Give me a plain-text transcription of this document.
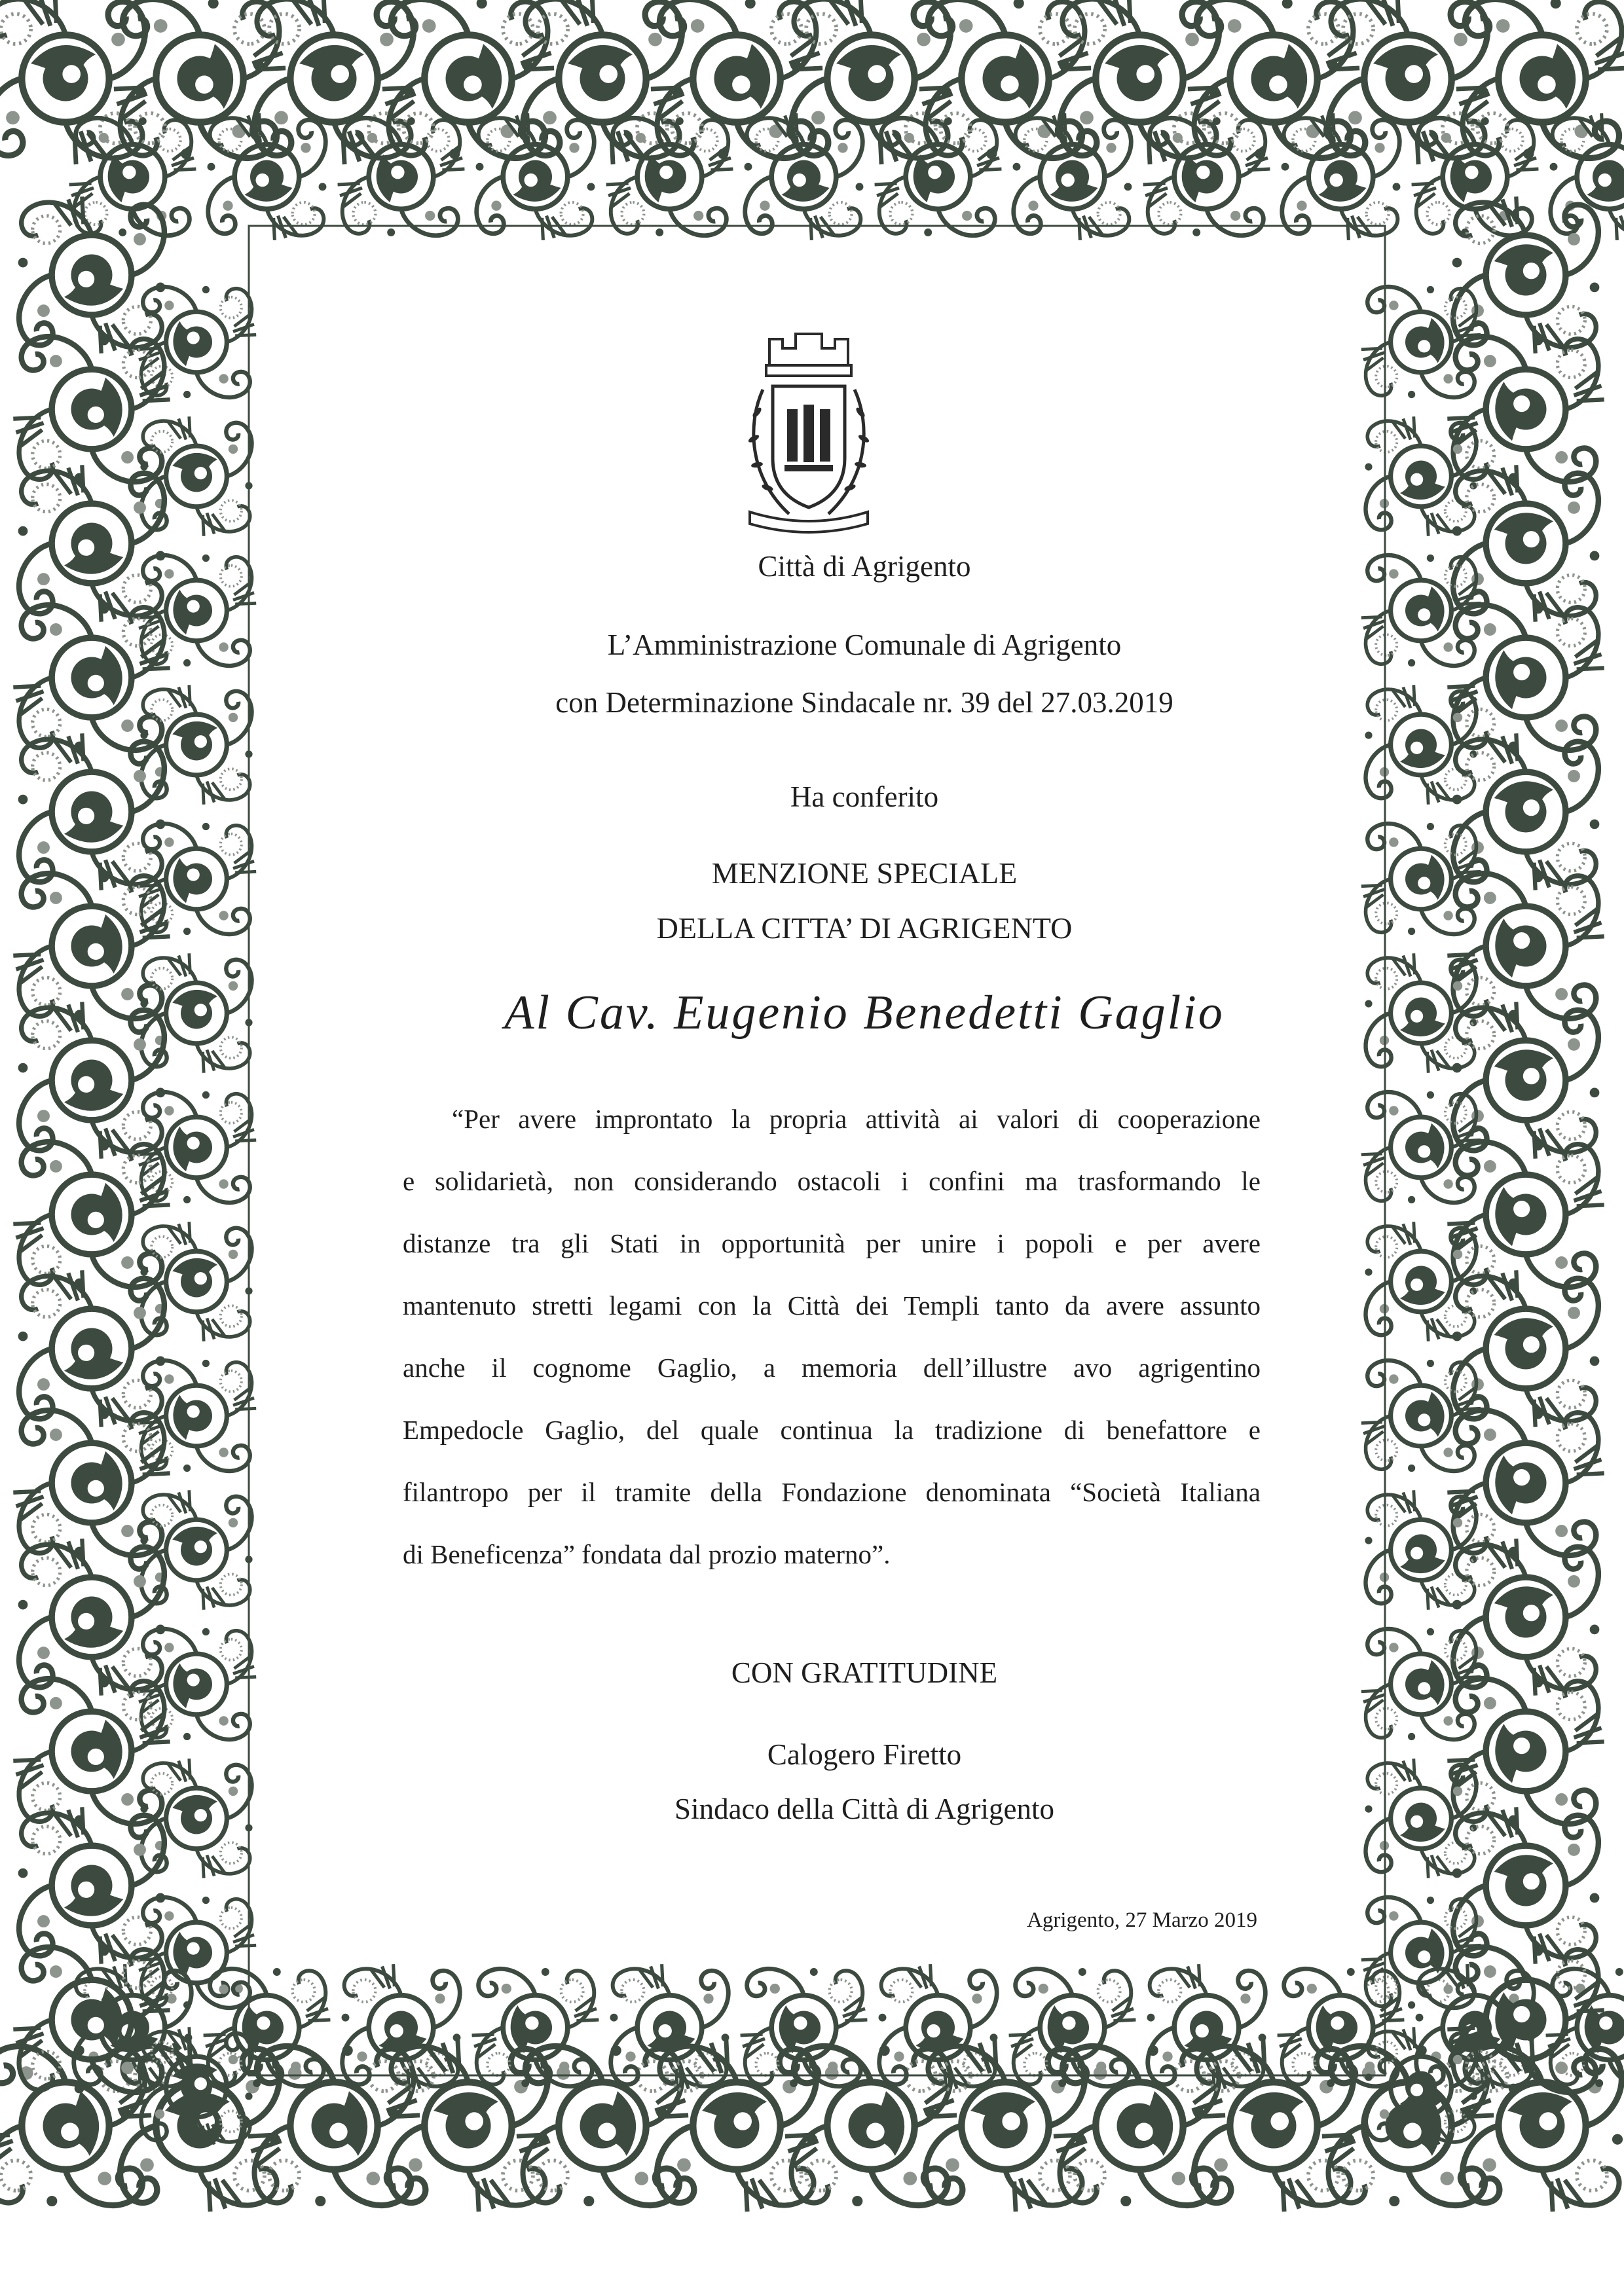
Città di Agrigento

L’Amministrazione Comunale di Agrigento

con Determinazione Sindacale nr. 39 del 27.03.2019

Ha conferito

MENZIONE SPECIALE

DELLA CITTA’ DI AGRIGENTO

Al Cav. Eugenio Benedetti Gaglio

CON GRATITUDINE

Calogero Firetto

Sindaco della Città di Agrigento

“Per avere improntato la propria attività ai valori di cooperazione

e solidarietà, non considerando ostacoli i confini ma trasformando le

distanze tra gli Stati in opportunità per unire i popoli e per avere

mantenuto stretti legami con la Città dei Templi tanto da avere assunto

anche il cognome Gaglio, a memoria dell’illustre avo agrigentino

Empedocle Gaglio, del quale continua la tradizione di benefattore e

filantropo per il tramite della Fondazione denominata “Società Italiana

di Beneficenza” fondata dal prozio materno”.

Agrigento, 27 Marzo 2019
